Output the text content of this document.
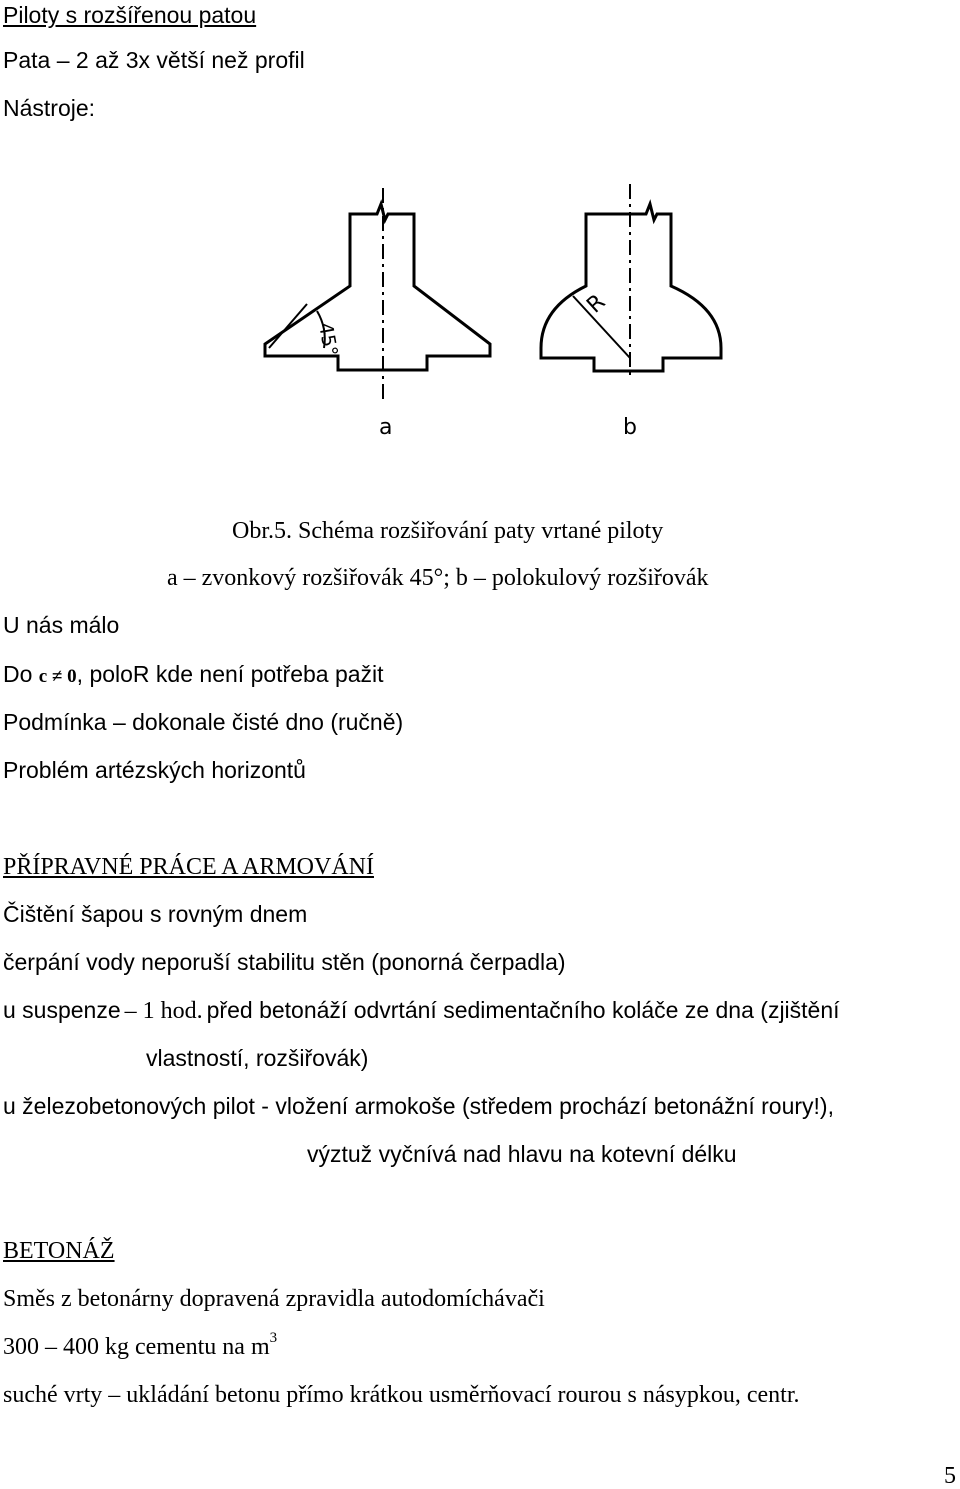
Piloty s rozšířenou patou
Pata – 2 až 3x větší než profil
Nástroje:
45°
R
a	b
Obr.5. Schéma rozšiřování paty vrtané piloty
a – zvonkový rozšiřovák 45°; b – polokulový rozšiřovák
U nás málo
Do c ≠ 0, poloR kde není potřeba pažit
Podmínka – dokonale čisté dno (ručně)
Problém artézských horizontů
PŘÍPRAVNÉ PRÁCE A ARMOVÁNÍ
Čištění šapou s rovným dnem
čerpání vody neporuší stabilitu stěn (ponorná čerpadla)
u suspenze – 1 hod. před betonáží odvrtání sedimentačního koláče ze dna (zjištění
vlastností, rozšiřovák)
u železobetonových pilot - vložení armokoše (středem prochází betonážní roury!),
výztuž vyčnívá nad hlavu na kotevní délku
BETONÁŽ
Směs z betonárny dopravená zpravidla autodomíchávači
300 – 400 kg cementu na $m^3$
suché vrty – ukládání betonu přímo krátkou usměrňovací rourou s násypkou, centr.
5
